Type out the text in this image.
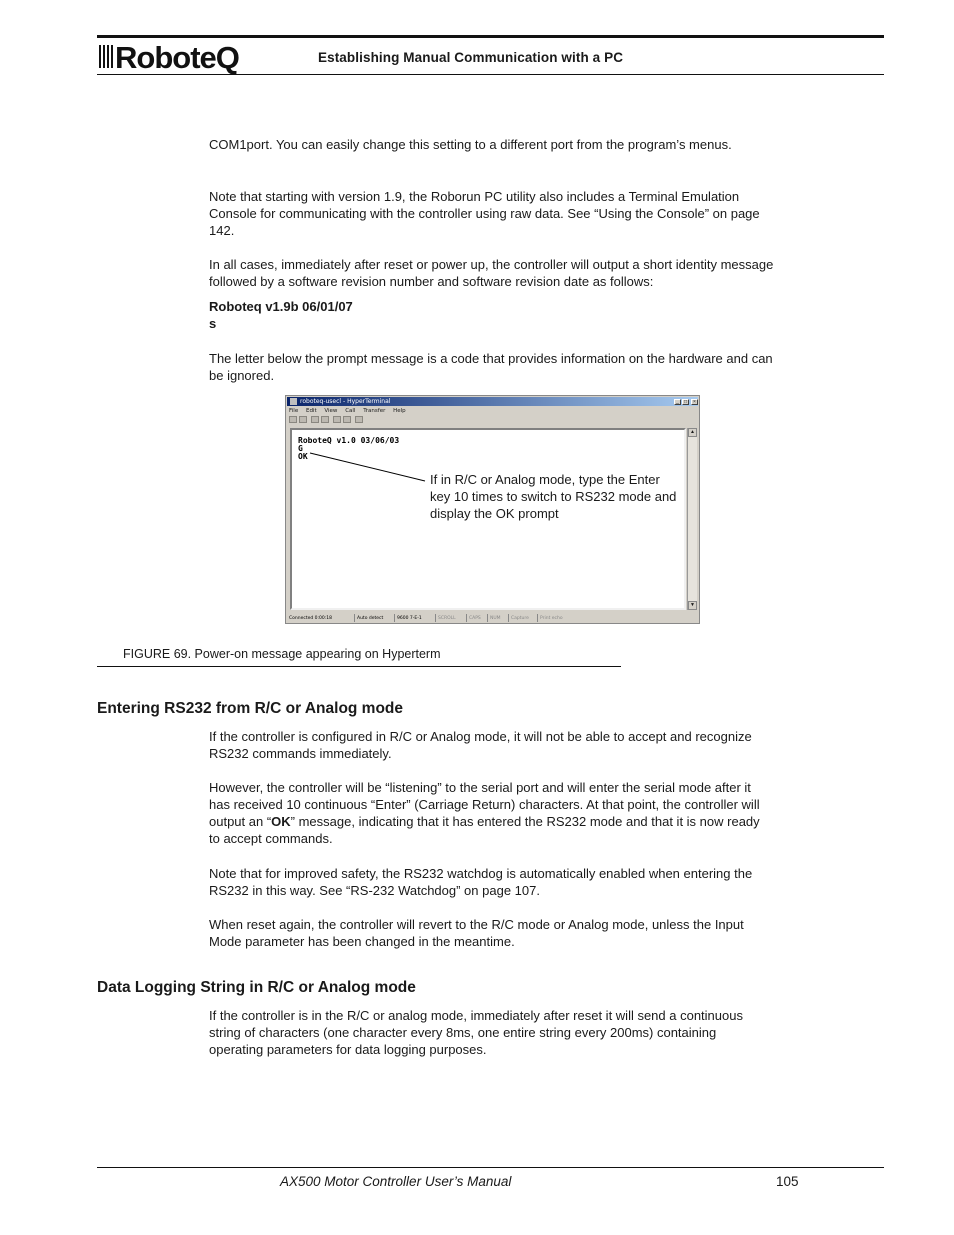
RoboteQ	Establishing Manual Communication with a PC

COM1port. You can easily change this setting to a different port from the program’s menus.

Note that starting with version 1.9, the Roborun PC utility also includes a Terminal Emulation Console for communicating with the controller using raw data. See “Using the Console” on page 142.

In all cases, immediately after reset or power up, the controller will output a short identity message followed by a software revision number and software revision date as follows:

Roboteq v1.9b 06/01/07
s

The letter below the prompt message is a code that provides information on the hardware and can be ignored.

roboteq-usecl - HyperTerminal	_	□	×
File Edit View Call Transfer Help
RoboteQ v1.0 03/06/03
G
OK
▲
▼
Connected 0:00:18	Auto detect	9600 7-E-1	SCROLL	CAPS	NUM	Capture	Print echo
If in R/C or Analog mode, type the Enter key 10 times to switch to RS232 mode and display the OK prompt
FIGURE 69. Power-on message appearing on Hyperterm
Entering RS232 from R/C or Analog mode

If the controller is configured in R/C or Analog mode, it will not be able to accept and recognize RS232 commands immediately.

However, the controller will be “listening” to the serial port and will enter the serial mode after it has received 10 continuous “Enter” (Carriage Return) characters. At that point, the controller will output an “OK” message, indicating that it has entered the RS232 mode and that it is now ready to accept commands.

Note that for improved safety, the RS232 watchdog is automatically enabled when entering the RS232 in this way. See “RS-232 Watchdog” on page 107.

When reset again, the controller will revert to the R/C mode or Analog mode, unless the Input Mode parameter has been changed in the meantime.

Data Logging String in R/C or Analog mode

If the controller is in the R/C or analog mode, immediately after reset it will send a continuous string of characters (one character every 8ms, one entire string every 200ms) containing operating parameters for data logging purposes.

AX500 Motor Controller User’s Manual	105
